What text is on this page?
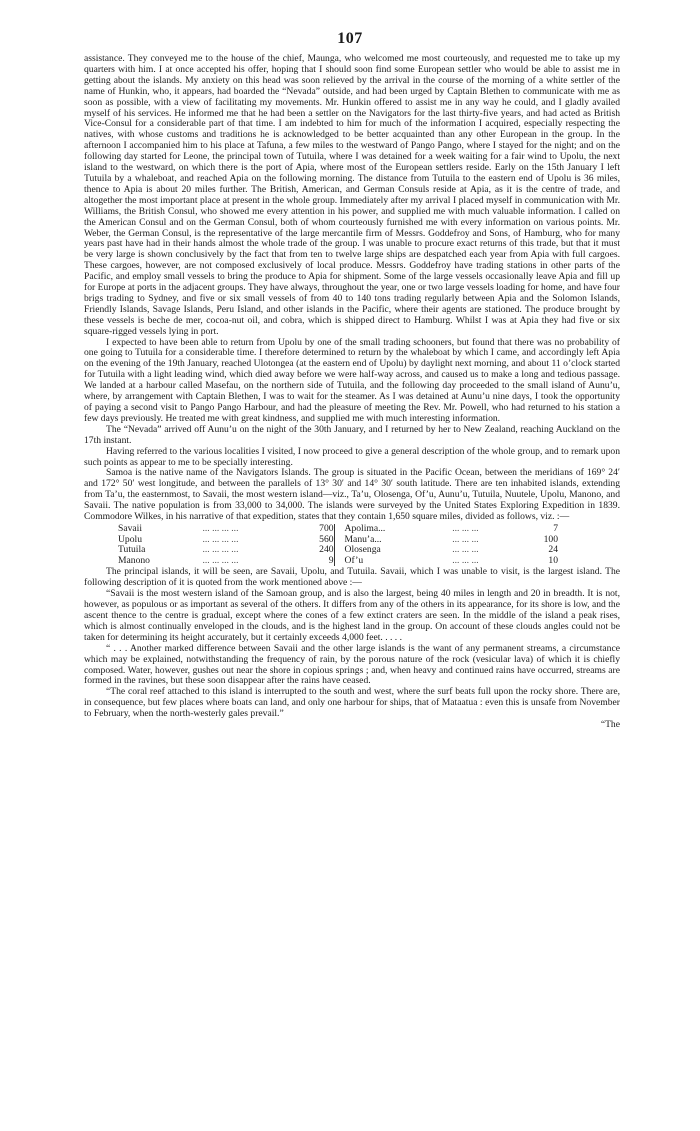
107

assistance. They conveyed me to the house of the chief, Maunga, who welcomed me most courteously, and requested me to take up my quarters with him. I at once accepted his offer, hoping that I should soon find some European settler who would be able to assist me in getting about the islands. My anxiety on this head was soon relieved by the arrival in the course of the morning of a white settler of the name of Hunkin, who, it appears, had boarded the “Nevada” outside, and had been urged by Captain Blethen to communicate with me as soon as possible, with a view of facilitating my movements. Mr. Hunkin offered to assist me in any way he could, and I gladly availed myself of his services. He informed me that he had been a settler on the Navigators for the last thirty-five years, and had acted as British Vice-Consul for a considerable part of that time. I am indebted to him for much of the information I acquired, especially respecting the natives, with whose customs and traditions he is acknowledged to be better acquainted than any other European in the group. In the afternoon I accompanied him to his place at Tafuna, a few miles to the westward of Pango Pango, where I stayed for the night; and on the following day started for Leone, the principal town of Tutuila, where I was detained for a week waiting for a fair wind to Upolu, the next island to the westward, on which there is the port of Apia, where most of the European settlers reside. Early on the 15th January I left Tutuila by a whaleboat, and reached Apia on the following morning. The distance from Tutuila to the eastern end of Upolu is 36 miles, thence to Apia is about 20 miles further. The British, American, and German Consuls reside at Apia, as it is the centre of trade, and altogether the most important place at present in the whole group. Immediately after my arrival I placed myself in communication with Mr. Williams, the British Consul, who showed me every attention in his power, and supplied me with much valuable information. I called on the American Consul and on the German Consul, both of whom courteously furnished me with every information on various points. Mr. Weber, the German Consul, is the representative of the large mercantile firm of Messrs. Goddefroy and Sons, of Hamburg, who for many years past have had in their hands almost the whole trade of the group. I was unable to procure exact returns of this trade, but that it must be very large is shown conclusively by the fact that from ten to twelve large ships are despatched each year from Apia with full cargoes. These cargoes, however, are not composed exclusively of local produce. Messrs. Goddefroy have trading stations in other parts of the Pacific, and employ small vessels to bring the produce to Apia for shipment. Some of the large vessels occasionally leave Apia and fill up for Europe at ports in the adjacent groups. They have always, throughout the year, one or two large vessels loading for home, and have four brigs trading to Sydney, and five or six small vessels of from 40 to 140 tons trading regularly between Apia and the Solomon Islands, Friendly Islands, Savage Islands, Peru Island, and other islands in the Pacific, where their agents are stationed. The produce brought by these vessels is beche de mer, cocoa-nut oil, and cobra, which is shipped direct to Hamburg. Whilst I was at Apia they had five or six square-rigged vessels lying in port.

I expected to have been able to return from Upolu by one of the small trading schooners, but found that there was no probability of one going to Tutuila for a considerable time. I therefore determined to return by the whaleboat by which I came, and accordingly left Apia on the evening of the 19th January, reached Ulotongea (at the eastern end of Upolu) by daylight next morning, and about 11 o’clock started for Tutuila with a light leading wind, which died away before we were half-way across, and caused us to make a long and tedious passage. We landed at a harbour called Masefau, on the northern side of Tutuila, and the following day proceeded to the small island of Aunu’u, where, by arrangement with Captain Blethen, I was to wait for the steamer. As I was detained at Aunu’u nine days, I took the opportunity of paying a second visit to Pango Pango Harbour, and had the pleasure of meeting the Rev. Mr. Powell, who had returned to his station a few days previously. He treated me with great kindness, and supplied me with much interesting information.

The “Nevada” arrived off Aunu’u on the night of the 30th January, and I returned by her to New Zealand, reaching Auckland on the 17th instant.

Having referred to the various localities I visited, I now proceed to give a general description of the whole group, and to remark upon such points as appear to me to be specially interesting.

Samoa is the native name of the Navigators Islands. The group is situated in the Pacific Ocean, between the meridians of 169° 24′ and 172° 50′ west longitude, and between the parallels of 13° 30′ and 14° 30′ south latitude. There are ten inhabited islands, extending from Ta’u, the easternmost, to Savaii, the most western island—viz., Ta’u, Olosenga, Of’u, Aunu’u, Tutuila, Nuutele, Upolu, Manono, and Savaii. The native population is from 33,000 to 34,000. The islands were surveyed by the United States Exploring Expedition in 1839. Commodore Wilkes, in his narrative of that expedition, states that they contain 1,650 square miles, divided as follows, viz. :—

Savaii	... ... ... ...	700		Apolima...	... ... ...	7
Upolu	... ... ... ...	560		Manu’a...	... ... ...	100
Tutuila	... ... ... ...	240		Olosenga	... ... ...	24
Manono	... ... ... ...	9		Of’u	... ... ...	10

The principal islands, it will be seen, are Savaii, Upolu, and Tutuila. Savaii, which I was unable to visit, is the largest island. The following description of it is quoted from the work mentioned above :—

“Savaii is the most western island of the Samoan group, and is also the largest, being 40 miles in length and 20 in breadth. It is not, however, as populous or as important as several of the others. It differs from any of the others in its appearance, for its shore is low, and the ascent thence to the centre is gradual, except where the cones of a few extinct craters are seen. In the middle of the island a peak rises, which is almost continually enveloped in the clouds, and is the highest land in the group. On account of these clouds angles could not be taken for determining its height accurately, but it certainly exceeds 4,000 feet. . . . .

“ . . . Another marked difference between Savaii and the other large islands is the want of any permanent streams, a circumstance which may be explained, notwithstanding the frequency of rain, by the porous nature of the rock (vesicular lava) of which it is chiefly composed. Water, however, gushes out near the shore in copious springs ; and, when heavy and continued rains have occurred, streams are formed in the ravines, but these soon disappear after the rains have ceased.

“The coral reef attached to this island is interrupted to the south and west, where the surf beats full upon the rocky shore. There are, in consequence, but few places where boats can land, and only one harbour for ships, that of Mataatua : even this is unsafe from November to February, when the north-westerly gales prevail.”

“The
